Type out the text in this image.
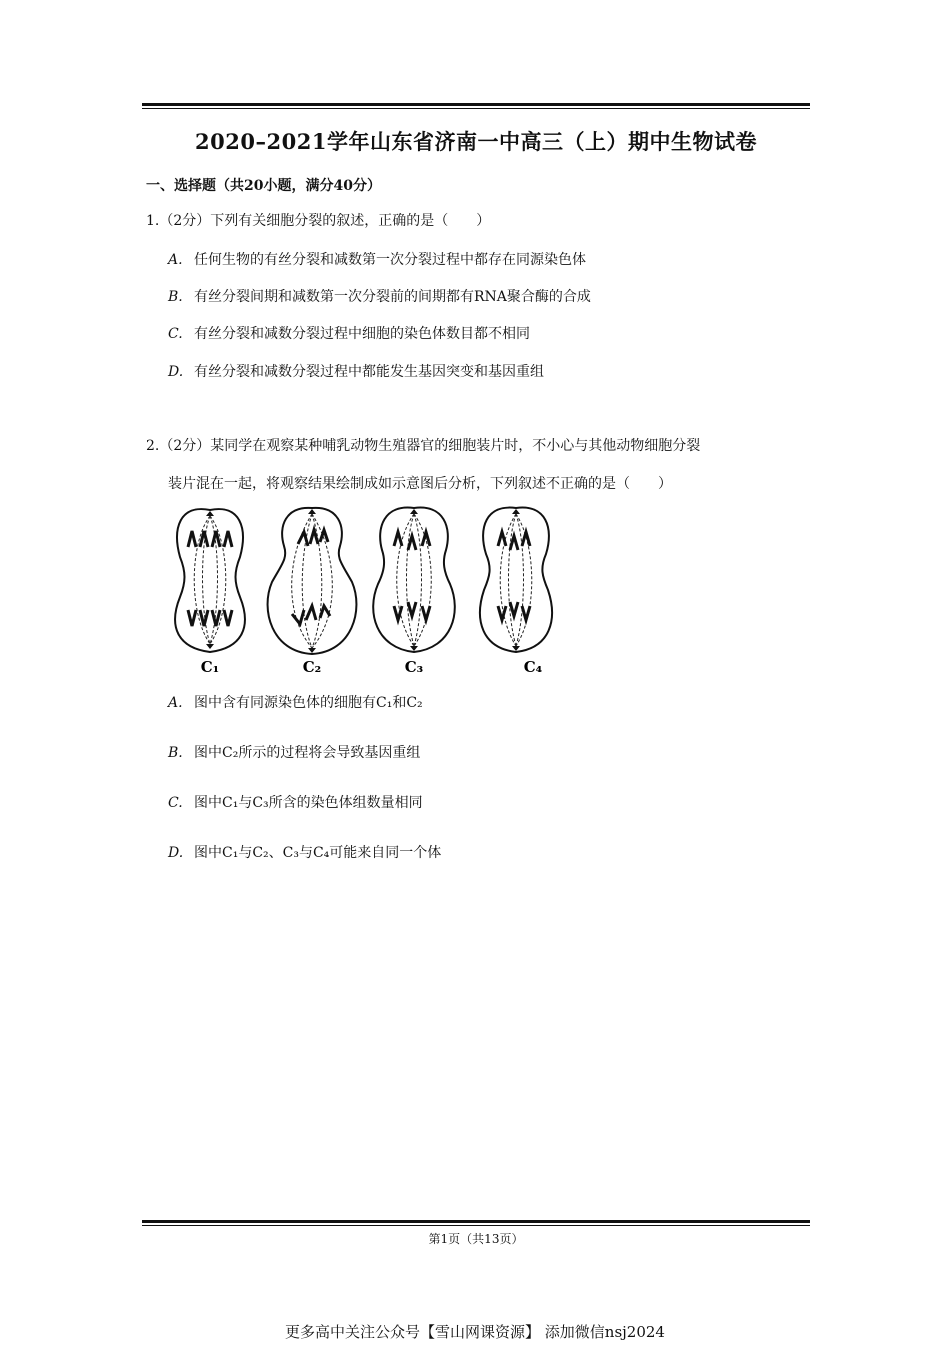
2020–2021学年山东省济南一中高三（上）期中生物试卷
一、选择题（共20小题，满分40分）
1.（2分）下列有关细胞分裂的叙述，正确的是（　　）
A. 任何生物的有丝分裂和减数第一次分裂过程中都存在同源染色体
B. 有丝分裂间期和减数第一次分裂前的间期都有RNA聚合酶的合成
C. 有丝分裂和减数分裂过程中细胞的染色体数目都不相同
D. 有丝分裂和减数分裂过程中都能发生基因突变和基因重组
2.（2分）某同学在观察某种哺乳动物生殖器官的细胞装片时，不小心与其他动物细胞分裂
装片混在一起，将观察结果绘制成如示意图后分析，下列叙述不正确的是（　　）
C₁	C₂	C₃	C₄
A. 图中含有同源染色体的细胞有C₁和C₂
B. 图中C₂所示的过程将会导致基因重组
C. 图中C₁与C₃所含的染色体组数量相同
D. 图中C₁与C₂、C₃与C₄可能来自同一个体
第1页（共13页）
更多高中关注公众号【雪山网课资源】 添加微信nsj2024
